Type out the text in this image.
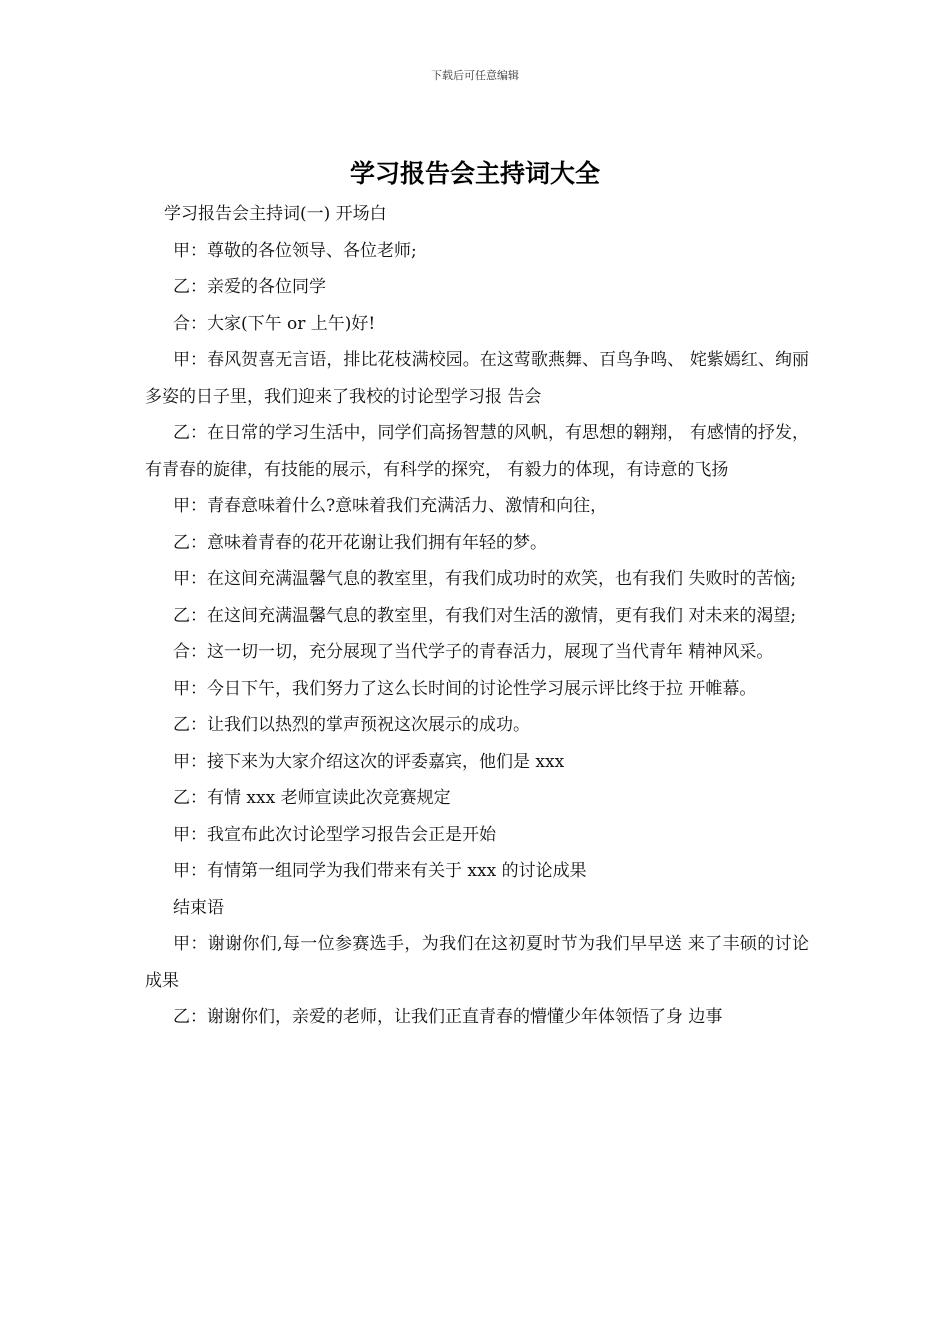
下载后可任意编辑
学习报告会主持词大全

学习报告会主持词(一) 开场白

甲：尊敬的各位领导、各位老师;

乙：亲爱的各位同学

合：大家(下午 or 上午)好!

甲：春风贺喜无言语，排比花枝满校园。在这莺歌燕舞、百鸟争鸣、 姹紫嫣红、绚丽多姿的日子里，我们迎来了我校的讨论型学习报 告会

乙：在日常的学习生活中，同学们高扬智慧的风帆，有思想的翱翔， 有感情的抒发，有青春的旋律，有技能的展示，有科学的探究， 有毅力的体现，有诗意的飞扬

甲：青春意味着什么?意味着我们充满活力、激情和向往，

乙：意味着青春的花开花谢让我们拥有年轻的梦。

甲：在这间充满温馨气息的教室里，有我们成功时的欢笑，也有我们 失败时的苦恼;

乙：在这间充满温馨气息的教室里，有我们对生活的激情，更有我们 对未来的渴望;

合：这一切一切，充分展现了当代学子的青春活力，展现了当代青年 精神风采。

甲：今日下午，我们努力了这么长时间的讨论性学习展示评比终于拉 开帷幕。

乙：让我们以热烈的掌声预祝这次展示的成功。

甲：接下来为大家介绍这次的评委嘉宾，他们是 xxx

乙：有情 xxx 老师宣读此次竞赛规定

甲：我宣布此次讨论型学习报告会正是开始

甲：有情第一组同学为我们带来有关于 xxx 的讨论成果

结束语

甲：谢谢你们,每一位参赛选手，为我们在这初夏时节为我们早早送 来了丰硕的讨论成果

乙：谢谢你们，亲爱的老师，让我们正直青春的懵懂少年体领悟了身 边事
